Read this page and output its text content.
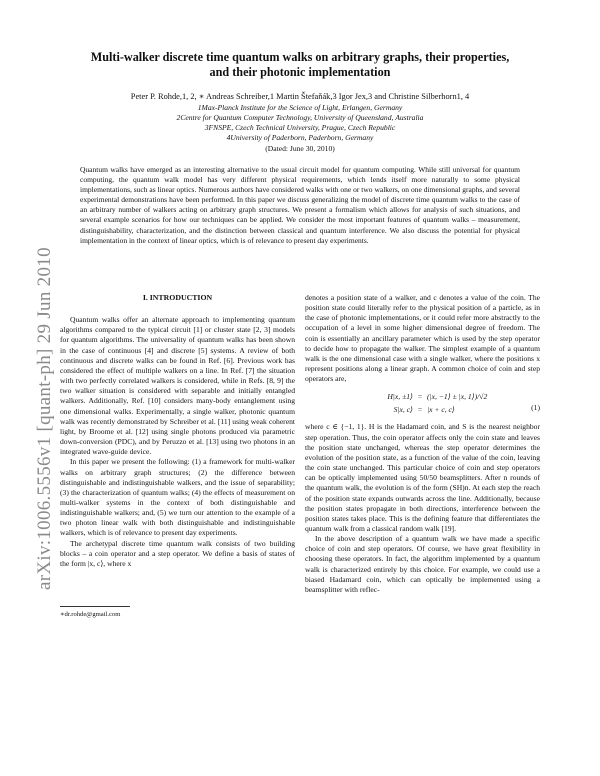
arXiv:1006.5556v1 [quant-ph] 29 Jun 2010
Multi-walker discrete time quantum walks on arbitrary graphs, their properties, and their photonic implementation
Peter P. Rohde,1, 2, ∗ Andreas Schreiber,1 Martin Štefaňák,3 Igor Jex,3 and Christine Silberhorn1, 4
1Max-Planck Institute for the Science of Light, Erlangen, Germany
2Centre for Quantum Computer Technology, University of Queensland, Australia
3FNSPE, Czech Technical University, Prague, Czech Republic
4University of Paderborn, Paderborn, Germany
(Dated: June 30, 2010)
Quantum walks have emerged as an interesting alternative to the usual circuit model for quantum computing. While still universal for quantum computing, the quantum walk model has very different physical requirements, which lends itself more naturally to some physical implementations, such as linear optics. Numerous authors have considered walks with one or two walkers, on one dimensional graphs, and several experimental demonstrations have been performed. In this paper we discuss generalizing the model of discrete time quantum walks to the case of an arbitrary number of walkers acting on arbitrary graph structures. We present a formalism which allows for analysis of such situations, and several example scenarios for how our techniques can be applied. We consider the most important features of quantum walks – measurement, distinguishability, characterization, and the distinction between classical and quantum interference. We also discuss the potential for physical implementation in the context of linear optics, which is of relevance to present day experiments.
I. INTRODUCTION

Quantum walks offer an alternate approach to implementing quantum algorithms compared to the typical circuit [1] or cluster state [2, 3] models for quantum algorithms. The universality of quantum walks has been shown in the case of continuous [4] and discrete [5] systems. A review of both continuous and discrete walks can be found in Ref. [6]. Previous work has considered the effect of multiple walkers on a line. In Ref. [7] the situation with two perfectly correlated walkers is considered, while in Refs. [8, 9] the two walker situation is considered with separable and initially entangled walkers. Additionally, Ref. [10] considers many-body entanglement using one dimensional walks. Experimentally, a single walker, photonic quantum walk was recently demonstrated by Schreiber et al. [11] using weak coherent light, by Broome et al. [12] using single photons produced via parametric down-conversion (PDC), and by Peruzzo et al. [13] using two photons in an integrated wave-guide device.

In this paper we present the following: (1) a framework for multi-walker walks on arbitrary graph structures; (2) the difference between distinguishable and indistinguishable walkers, and the issue of separability; (3) the characterization of quantum walks; (4) the effects of measurement on multi-walker systems in the context of both distinguishable and indistinguishable walkers; and, (5) we turn our attention to the example of a two photon linear walk with both distinguishable and indistinguishable walkers, which is of relevance to present day experiments.

The archetypal discrete time quantum walk consists of two building blocks – a coin operator and a step operator. We define a basis of states of the form |x, c⟩, where x

denotes a position state of a walker, and c denotes a value of the coin. The position state could literally refer to the physical position of a particle, as in the case of photonic implementations, or it could refer more abstractly to the occupation of a level in some higher dimensional degree of freedom. The coin is essentially an ancillary parameter which is used by the step operator to decide how to propagate the walker. The simplest example of a quantum walk is the one dimensional case with a single walker, where the positions x represent positions along a linear graph. A common choice of coin and step operators are,

H|x, ±1⟩ = (|x, −1⟩ ± |x, 1⟩)/√2
S|x, c⟩ = |x + c, c⟩	(1)

where c ∈ {−1, 1}. H is the Hadamard coin, and S is the nearest neighbor step operation. Thus, the coin operator affects only the coin state and leaves the position state unchanged, whereas the step operator determines the evolution of the position state, as a function of the value of the coin, leaving the coin state unchanged. This particular choice of coin and step operators can be optically implemented using 50/50 beamsplitters. After n rounds of the quantum walk, the evolution is of the form (SH)n. At each step the reach of the position state expands outwards across the line. Additionally, because the position states propagate in both directions, interference between the position states takes place. This is the defining feature that differentiates the quantum walk from a classical random walk [19].

In the above description of a quantum walk we have made a specific choice of coin and step operators. Of course, we have great flexibility in choosing these operators. In fact, the algorithm implemented by a quantum walk is characterized entirely by this choice. For example, we could use a biased Hadamard coin, which can optically be implemented using a beamsplitter with reflec-

∗dr.rohde@gmail.com
